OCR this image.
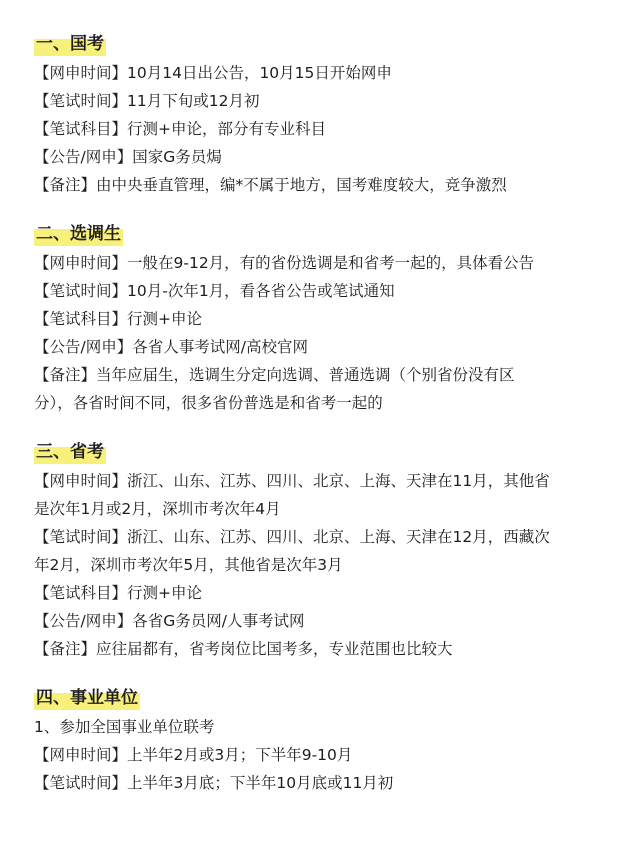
一、国考
【网申时间】10月14日出公告，10月15日开始网申
【笔试时间】11月下旬或12月初
【笔试科目】行测+申论，部分有专业科目
【公告/网申】国家G务员焗
【备注】由中央垂直管理，编*不属于地方，国考难度较大，竞争激烈
二、选调生
【网申时间】一般在9-12月，有的省份选调是和省考一起的，具体看公告
【笔试时间】10月-次年1月，看各省公告或笔试通知
【笔试科目】行测+申论
【公告/网申】各省人事考试网/高校官网
【备注】当年应届生，选调生分定向选调、普通选调（个别省份没有区
分），各省时间不同，很多省份普选是和省考一起的
三、省考
【网申时间】浙江、山东、江苏、四川、北京、上海、天津在11月，其他省
是次年1月或2月，深圳市考次年4月
【笔试时间】浙江、山东、江苏、四川、北京、上海、天津在12月，西藏次
年2月，深圳市考次年5月，其他省是次年3月
【笔试科目】行测+申论
【公告/网申】各省G务员网/人事考试网
【备注】应往届都有，省考岗位比国考多，专业范围也比较大
四、事业单位
1、参加全国事业单位联考
【网申时间】上半年2月或3月；下半年9-10月
【笔试时间】上半年3月底；下半年10月底或11月初
